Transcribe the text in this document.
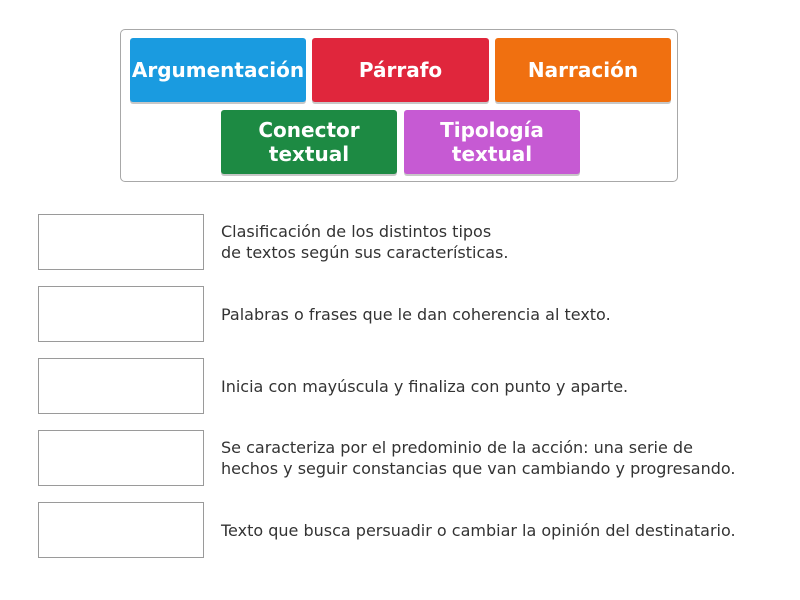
Argumentación	Párrafo	Narración
Conector textual
Tipología textual
Clasificación de los distintos tipos
de textos según sus características.
Palabras o frases que le dan coherencia al texto.
Inicia con mayúscula y finaliza con punto y aparte.
Se caracteriza por el predominio de la acción: una serie de
hechos y seguir constancias que van cambiando y progresando.
Texto que busca persuadir o cambiar la opinión del destinatario.
